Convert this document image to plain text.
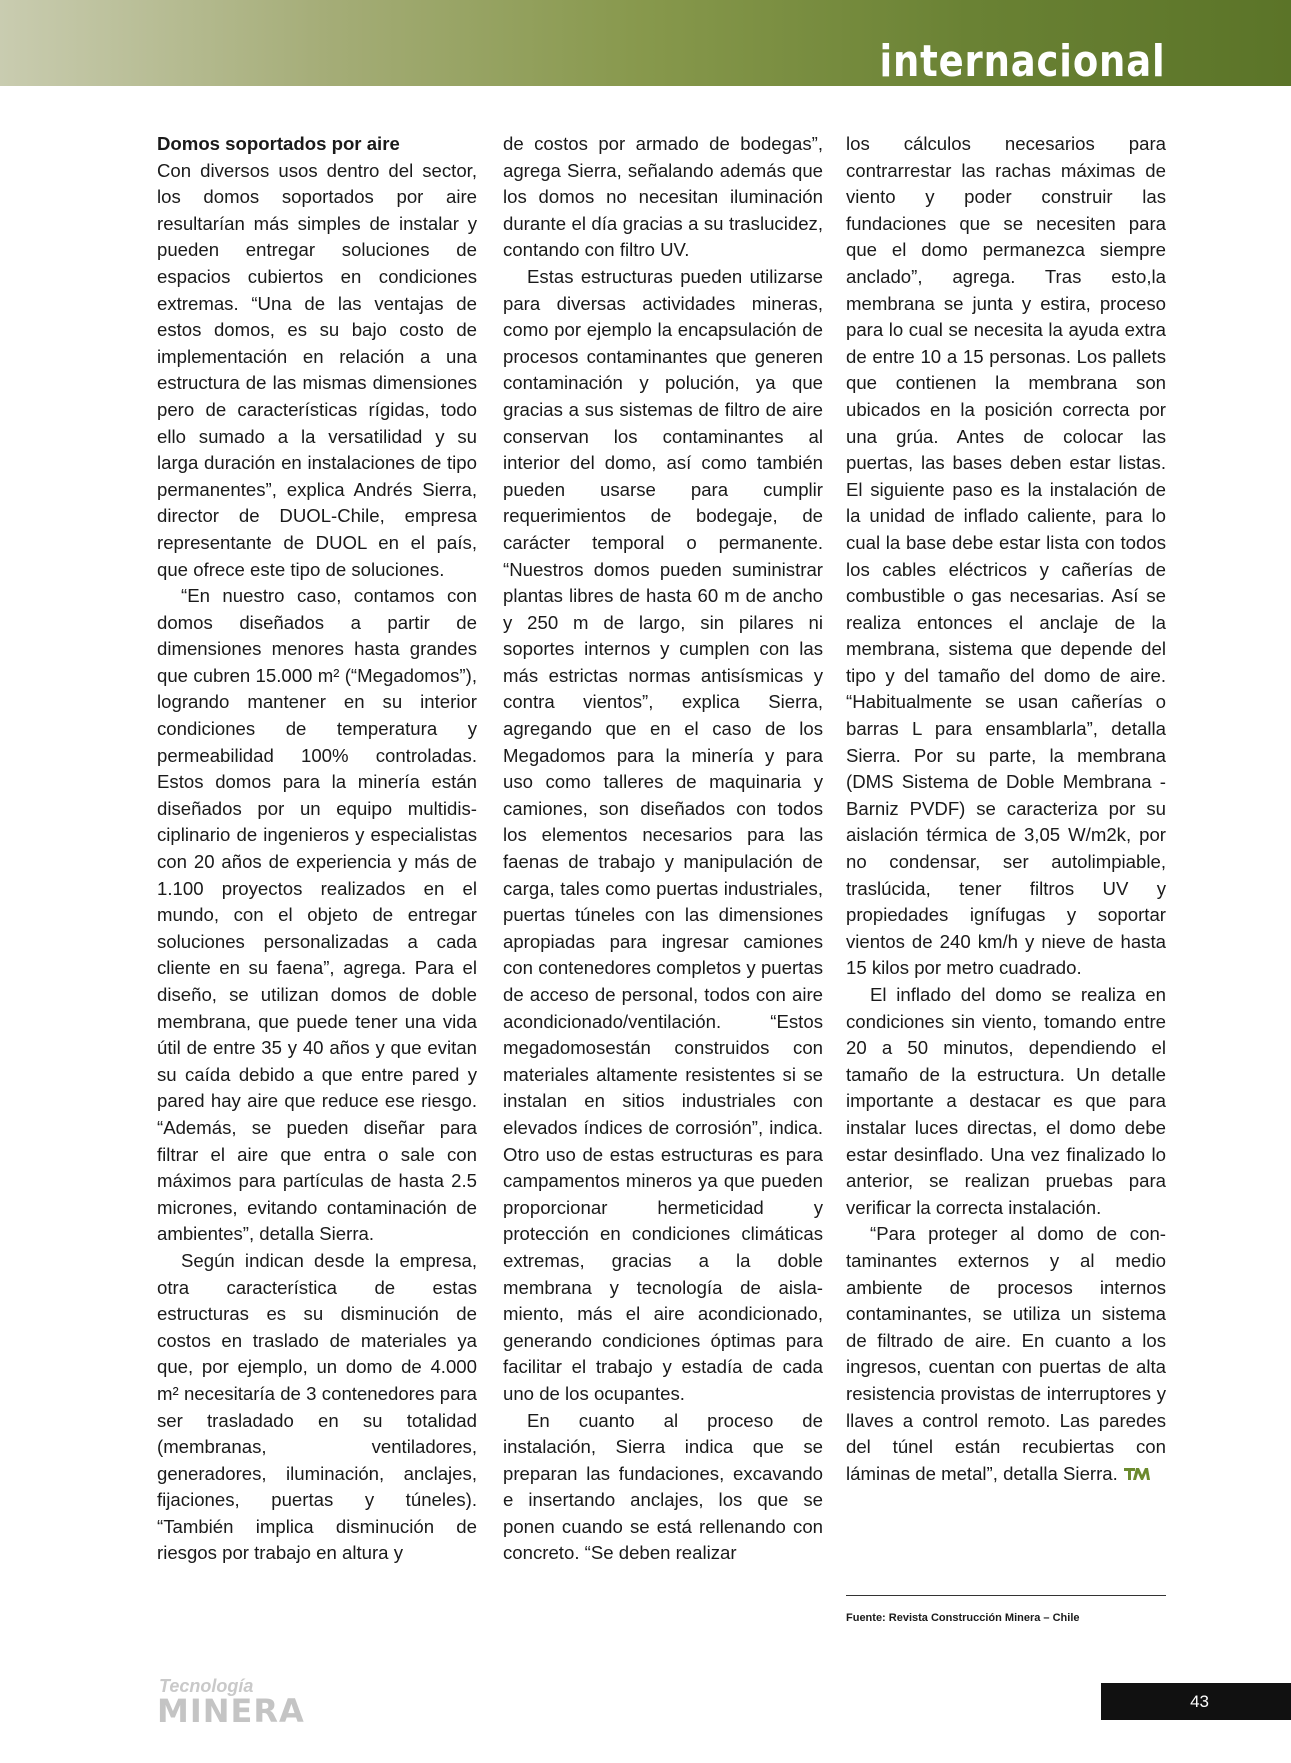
internacional

Domos soportados por aire
Con diversos usos dentro del sector, los domos soportados por aire resultarían más simples de instalar y pueden entregar soluciones de espacios cubiertos en condiciones extremas. “Una de las ventajas de estos domos, es su bajo costo de implementación en relación a una estructura de las mismas dimensiones pero de características rígidas, todo ello sumado a la versatilidad y su larga duración en instalaciones de tipo permanentes”, explica Andrés Sierra, director de DUOL-Chile, empresa representante de DUOL en el país, que ofrece este tipo de soluciones.

“En nuestro caso, contamos con domos diseñados a partir de dimensiones menores hasta grandes que cubren 15.000 m² (“Megadomos”), logrando mantener en su interior condiciones de temperatura y permeabilidad 100% controladas. Estos domos para la minería están diseñados por un equipo multidisciplinario de ingenieros y especialistas con 20 años de experiencia y más de 1.100 proyectos realizados en el mundo, con el objeto de entregar soluciones personalizadas a cada cliente en su faena”, agrega. Para el diseño, se utilizan domos de doble membrana, que puede tener una vida útil de entre 35 y 40 años y que evitan su caída debido a que entre pared y pared hay aire que reduce ese riesgo. “Además, se pueden diseñar para filtrar el aire que entra o sale con máximos para partículas de hasta 2.5 micrones, evitando contaminación de ambientes”, detalla Sierra.

Según indican desde la empresa, otra característica de estas estructuras es su disminución de costos en traslado de materiales ya que, por ejemplo, un domo de 4.000 m² necesitaría de 3 contenedores para ser trasladado en su totalidad (membranas, ventiladores, generadores, iluminación, anclajes, fijaciones, puertas y túneles). “También implica disminución de riesgos por trabajo en altura y

de costos por armado de bodegas”, agrega Sierra, señalando además que los domos no necesitan iluminación durante el día gracias a su traslucidez, contando con filtro UV.

Estas estructuras pueden utilizarse para diversas actividades mineras, como por ejemplo la encapsulación de procesos contaminantes que generen contaminación y polución, ya que gracias a sus sistemas de filtro de aire conservan los contaminantes al interior del domo, así como también pueden usarse para cumplir requerimientos de bodegaje, de carácter temporal o permanente. “Nuestros domos pueden suministrar plantas libres de hasta 60 m de ancho y 250 m de largo, sin pilares ni soportes internos y cumplen con las más estrictas normas antisísmicas y contra vientos”, explica Sierra, agregando que en el caso de los Megadomos para la minería y para uso como talleres de maquinaria y camiones, son diseñados con todos los elementos necesarios para las faenas de trabajo y manipulación de carga, tales como puertas industriales, puertas túneles con las dimensiones apropiadas para ingresar camiones con contenedores completos y puertas de acceso de personal, todos con aire acondicionado/ventilación. “Estos megadomosestán construidos con materiales altamente resistentes si se instalan en sitios industriales con elevados índices de corrosión”, indica. Otro uso de estas estructuras es para campamentos mineros ya que pueden proporcionar hermeticidad y protección en condiciones climáticas extremas, gracias a la doble membrana y tecnología de aislamiento, más el aire acondicionado, generando condiciones óptimas para facilitar el trabajo y estadía de cada uno de los ocupantes.

En cuanto al proceso de instalación, Sierra indica que se preparan las fundaciones, excavando e insertando anclajes, los que se ponen cuando se está rellenando con concreto. “Se deben realizar

los cálculos necesarios para contrarrestar las rachas máximas de viento y poder construir las fundaciones que se necesiten para que el domo permanezca siempre anclado”, agrega. Tras esto,la membrana se junta y estira, proceso para lo cual se necesita la ayuda extra de entre 10 a 15 personas. Los pallets que contienen la membrana son ubicados en la posición correcta por una grúa. Antes de colocar las puertas, las bases deben estar listas. El siguiente paso es la instalación de la unidad de inflado caliente, para lo cual la base debe estar lista con todos los cables eléctricos y cañerías de combustible o gas necesarias. Así se realiza entonces el anclaje de la membrana, sistema que depende del tipo y del tamaño del domo de aire. “Habitualmente se usan cañerías o barras L para ensamblarla”, detalla Sierra. Por su parte, la membrana (DMS Sistema de Doble Membrana - Barniz PVDF) se caracteriza por su aislación térmica de 3,05 W/m2k, por no condensar, ser autolimpiable, traslúcida, tener filtros UV y propiedades ignífugas y soportar vientos de 240 km/h y nieve de hasta 15 kilos por metro cuadrado.

El inflado del domo se realiza en condiciones sin viento, tomando entre 20 a 50 minutos, dependiendo el tamaño de la estructura. Un detalle importante a destacar es que para instalar luces directas, el domo debe estar desinflado. Una vez finalizado lo anterior, se realizan pruebas para verificar la correcta instalación.

“Para proteger al domo de contaminantes externos y al medio ambiente de procesos internos contaminantes, se utiliza un sistema de filtrado de aire. En cuanto a los ingresos, cuentan con puertas de alta resistencia provistas de interruptores y llaves a control remoto. Las paredes del túnel están recubiertas con láminas de metal”, detalla Sierra.

Fuente: Revista Construcción Minera – Chile
Tecnología
MINERA	43
